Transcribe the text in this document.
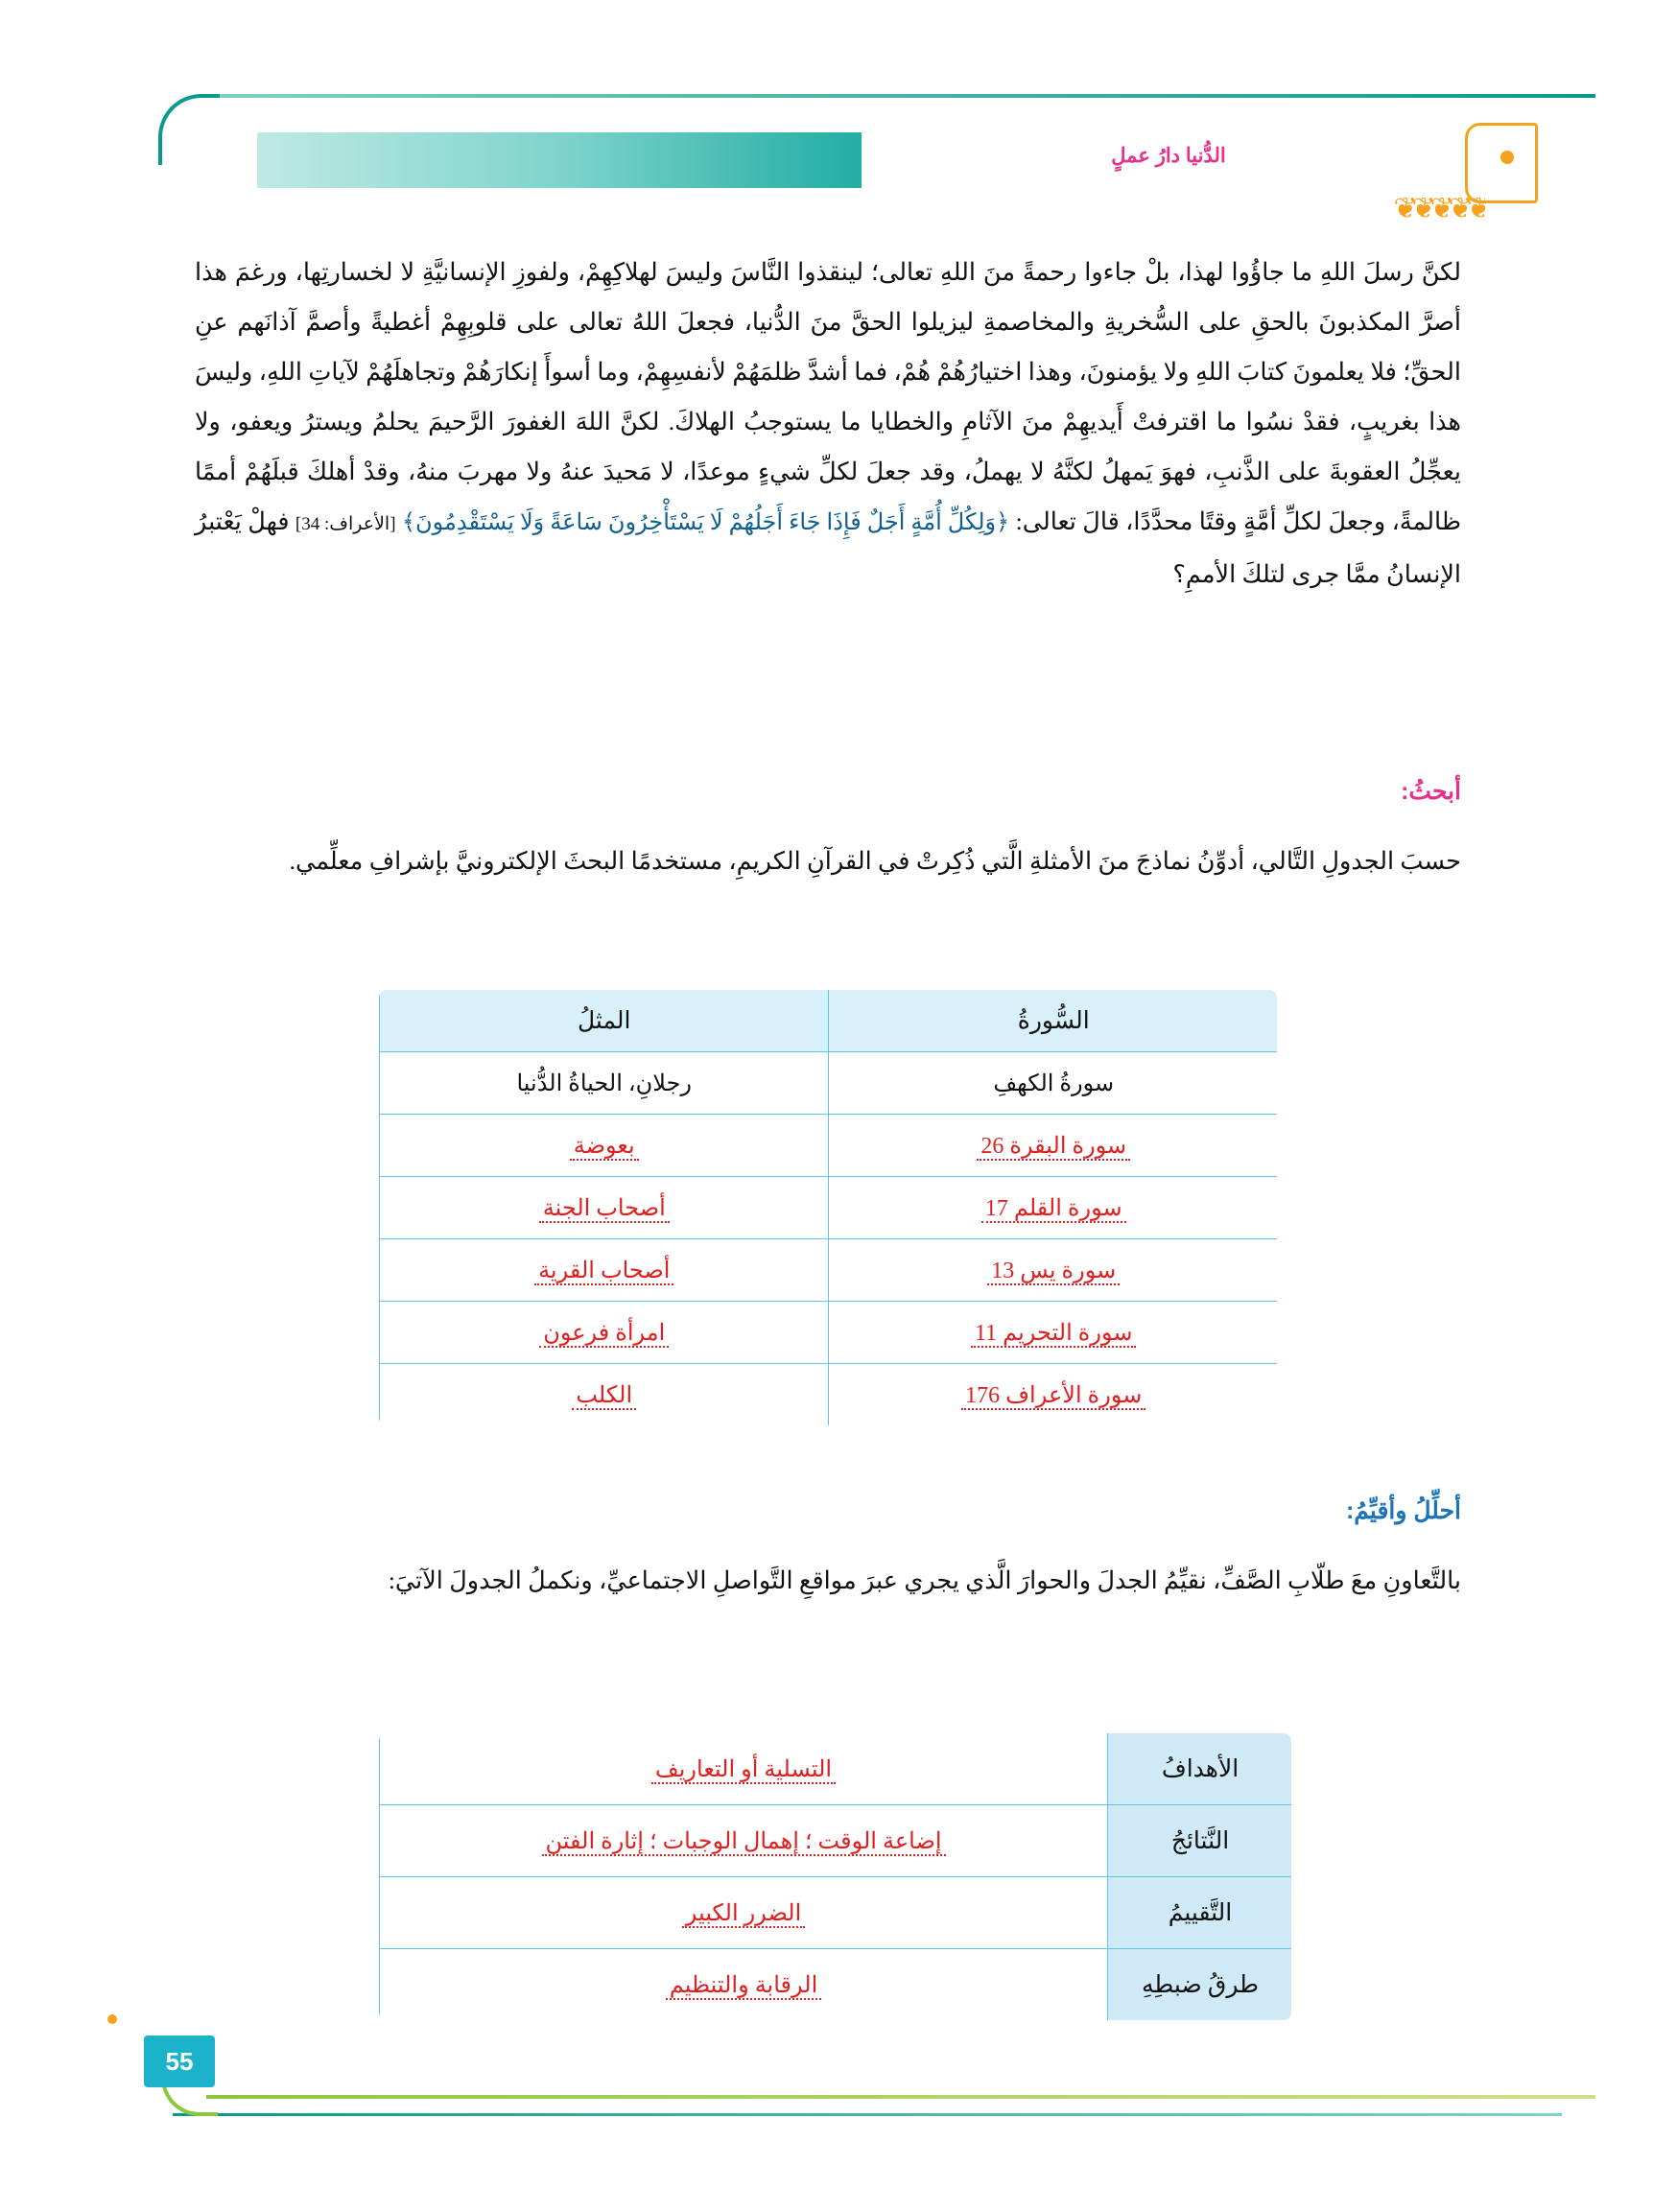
الدُّنيا دارُ عملٍ
❦❦❦❦❦
لكنَّ رسلَ اللهِ ما جاؤُوا لهذا، بلْ جاءوا رحمةً منَ اللهِ تعالى؛ لينقذوا النَّاسَ وليسَ لهلاكِهِمْ، ولفوزِ الإنسانيَّةِ لا لخسارتِها، ورغمَ هذا أصرَّ المكذبونَ بالحقِ على السُّخريةِ والمخاصمةِ ليزيلوا الحقَّ منَ الدُّنيا، فجعلَ اللهُ تعالى على قلوبِهِمْ أغطيةً وأصمَّ آذانَهم عنِ الحقِّ؛ فلا يعلمونَ كتابَ اللهِ ولا يؤمنونَ، وهذا اختيارُهُمْ هُمْ، فما أشدَّ ظلمَهُمْ لأنفسِهِمْ، وما أسوأَ إنكارَهُمْ وتجاهلَهُمْ لآياتِ اللهِ، وليسَ هذا بغريبٍ، فقدْ نسُوا ما اقترفتْ أَيديهِمْ منَ الآثامِ والخطايا ما يستوجبُ الهلاكَ. لكنَّ اللهَ الغفورَ الرَّحيمَ يحلمُ ويسترُ ويعفو، ولا يعجِّلُ العقوبةَ على الذَّنبِ، فهوَ يَمهلُ لكنَّهُ لا يهملُ، وقد جعلَ لكلِّ شيءٍ موعدًا، لا مَحيدَ عنهُ ولا مهربَ منهُ، وقدْ أهلكَ قبلَهُمْ أممًا ظالمةً، وجعلَ لكلِّ أمَّةٍ وقتًا محدَّدًا، قالَ تعالى: ﴿وَلِكُلِّ أُمَّةٍ أَجَلٌ فَإِذَا جَاءَ أَجَلُهُمْ لَا يَسْتَأْخِرُونَ سَاعَةً وَلَا يَسْتَقْدِمُونَ﴾ [الأعراف: 34] فهلْ يَعْتبرُ الإنسانُ ممَّا جرى لتلكَ الأممِ؟
أبحثُ:
حسبَ الجدولِ التَّالي، أدوِّنُ نماذجَ منَ الأمثلةِ الَّتي ذُكِرتْ في القرآنِ الكريمِ، مستخدمًا البحثَ الإلكترونيَّ بإشرافِ معلِّمي.
السُّورةُ	المثلُ
سورةُ الكهفِ	رجلانِ، الحياةُ الدُّنيا
سورة البقرة 26	بعوضة
سورة القلم 17	أصحاب الجنة
سورة يس 13	أصحاب القرية
سورة التحريم 11	امرأة فرعون
سورة الأعراف 176	الكلب
أحلِّلُ وأقيِّمُ:
بالتَّعاونِ معَ طلّابِ الصَّفِّ، نقيِّمُ الجدلَ والحوارَ الَّذي يجري عبرَ مواقعِ التَّواصلِ الاجتماعيِّ، ونكملُ الجدولَ الآتيَ:
الأهدافُ	التسلية أو التعاريف
النَّتائجُ	إضاعة الوقت ؛ إهمال الوجبات ؛ إثارة الفتن
التَّقييمُ	الضرر الكبير
طرقُ ضبطِهِ	الرقابة والتنظيم
55
